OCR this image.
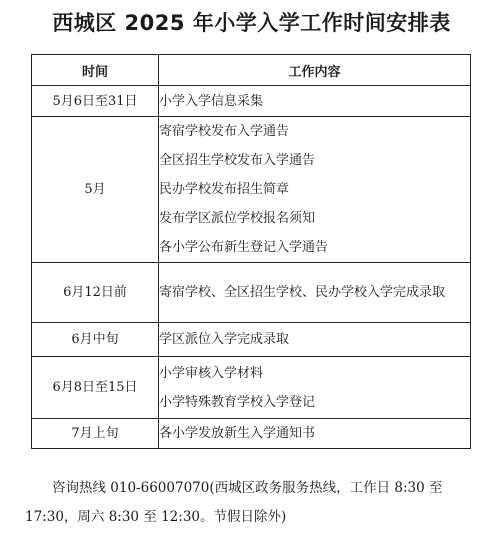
西城区 2025 年小学入学工作时间安排表
时间	工作内容
5月6日至31日	小学入学信息采集

5月	寄宿学校发布入学通告
全区招生学校发布入学通告
民办学校发布招生简章
发布学区派位学校报名须知
各小学公布新生登记入学通告

6月12日前	寄宿学校、全区招生学校、民办学校入学完成录取

6月中旬	学区派位入学完成录取

6月8日至15日	小学审核入学材料
小学特殊教育学校入学登记

7月上旬	各小学发放新生入学通知书

咨询热线 010-66007070(西城区政务服务热线，工作日 8:30 至 17:30，周六 8:30 至 12:30。节假日除外)
